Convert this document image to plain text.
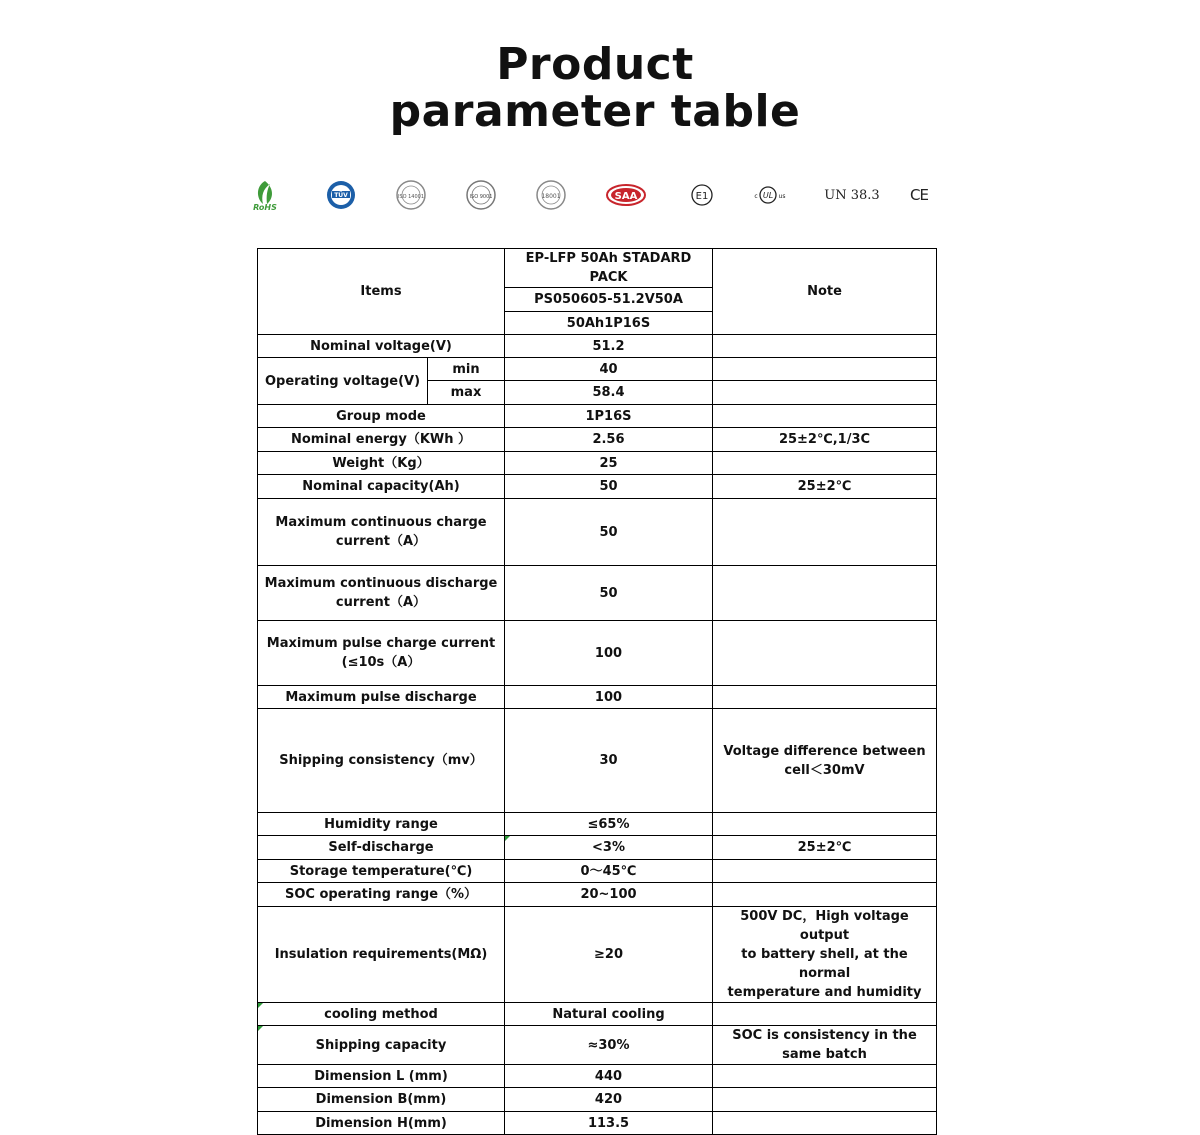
Product
parameter table
RoHS
TÜV	ISO 14001	ISO 9001	18001	SAA	E1	c UL us	UN 38.3	CE
Items		EP-LFP 50Ah STADARD PACK	Note
		PS050605-51.2V50A	
		50Ah1P16S	
Nominal voltage(V)		51.2	
Operating voltage(V)	min	40	
	max	58.4	
Group mode		1P16S	
Nominal energy（KWh ）		2.56	25±2℃,1/3C
Weight（Kg）		25	
Nominal capacity(Ah)		50	25±2℃

Maximum continuous charge
current（A）		50	

Maximum continuous discharge
current（A）		50	

Maximum pulse charge current
(≤10s（A）		100	
Maximum pulse discharge		100	
Shipping consistency（mv）		30	Voltage difference between
cell＜30mV

Humidity range		≤65%	
Self-discharge		<3%	25±2℃
Storage temperature(℃)		0～45℃	
SOC operating range（%）		20~100	
Insulation requirements(MΩ)		≥20	500V DC，High voltage output
to battery shell, at the normal
temperature and humidity

cooling method		Natural cooling	
Shipping capacity		≈30%	SOC is consistency in the
same batch

Dimension L (mm)		440	
Dimension B(mm)		420	
Dimension H(mm)		113.5	
